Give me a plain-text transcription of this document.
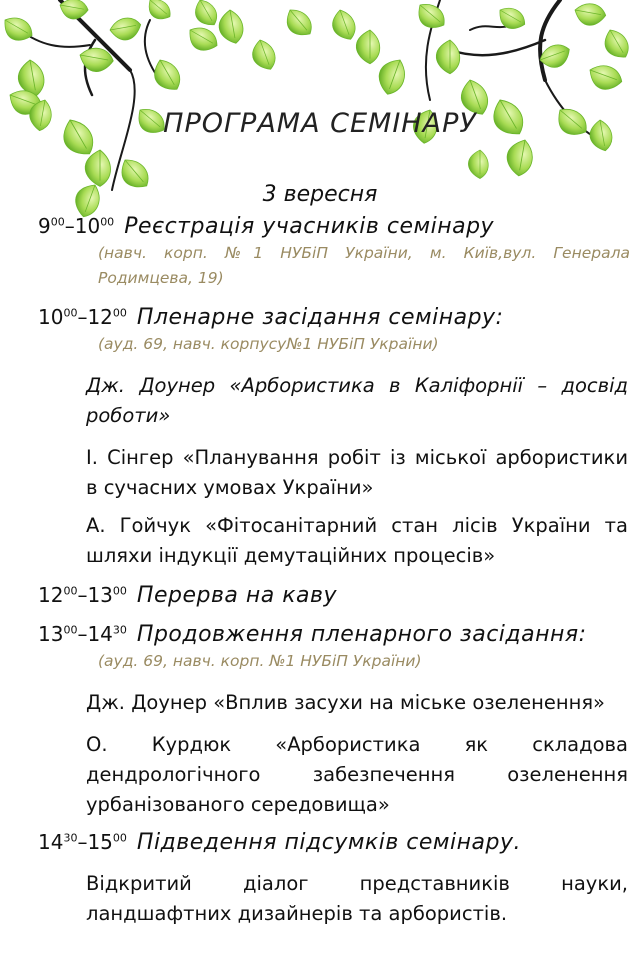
ПРОГРАМА СЕМІНАРУ
3 вересня
$9^{00}-10^{00}$ Реєстрація учасників семінару
(навч. корп. №1 НУБіП України, м. Київ,вул. Генерала Родимцева, 19)
$10^{00}-12^{00}$ Пленарне засідання семінару:
(ауд. 69, навч. корпусу№1 НУБіП України)
Дж. Доунер «Арбористика в Каліфорнії – досвід роботи»
І. Сінгер «Планування робіт із міської арбористики в сучасних умовах України»
А. Гойчук «Фітосанітарний стан лісів України та шляхи індукції демутаційних процесів»
$12^{00}-13^{00}$ Перерва на каву
$13^{00}-14^{30}$ Продовження пленарного засідання:
(ауд. 69, навч. корп. №1 НУБіП України)
Дж. Доунер «Вплив засухи на міське озеленення»
О. Курдюк «Арбористика як складова дендрологічного забезпечення озеленення урбанізованого середовища»
$14^{30}-15^{00}$ Підведення підсумків семінару.
Відкритий діалог представників науки, ландшафтних дизайнерів та арбористів.
